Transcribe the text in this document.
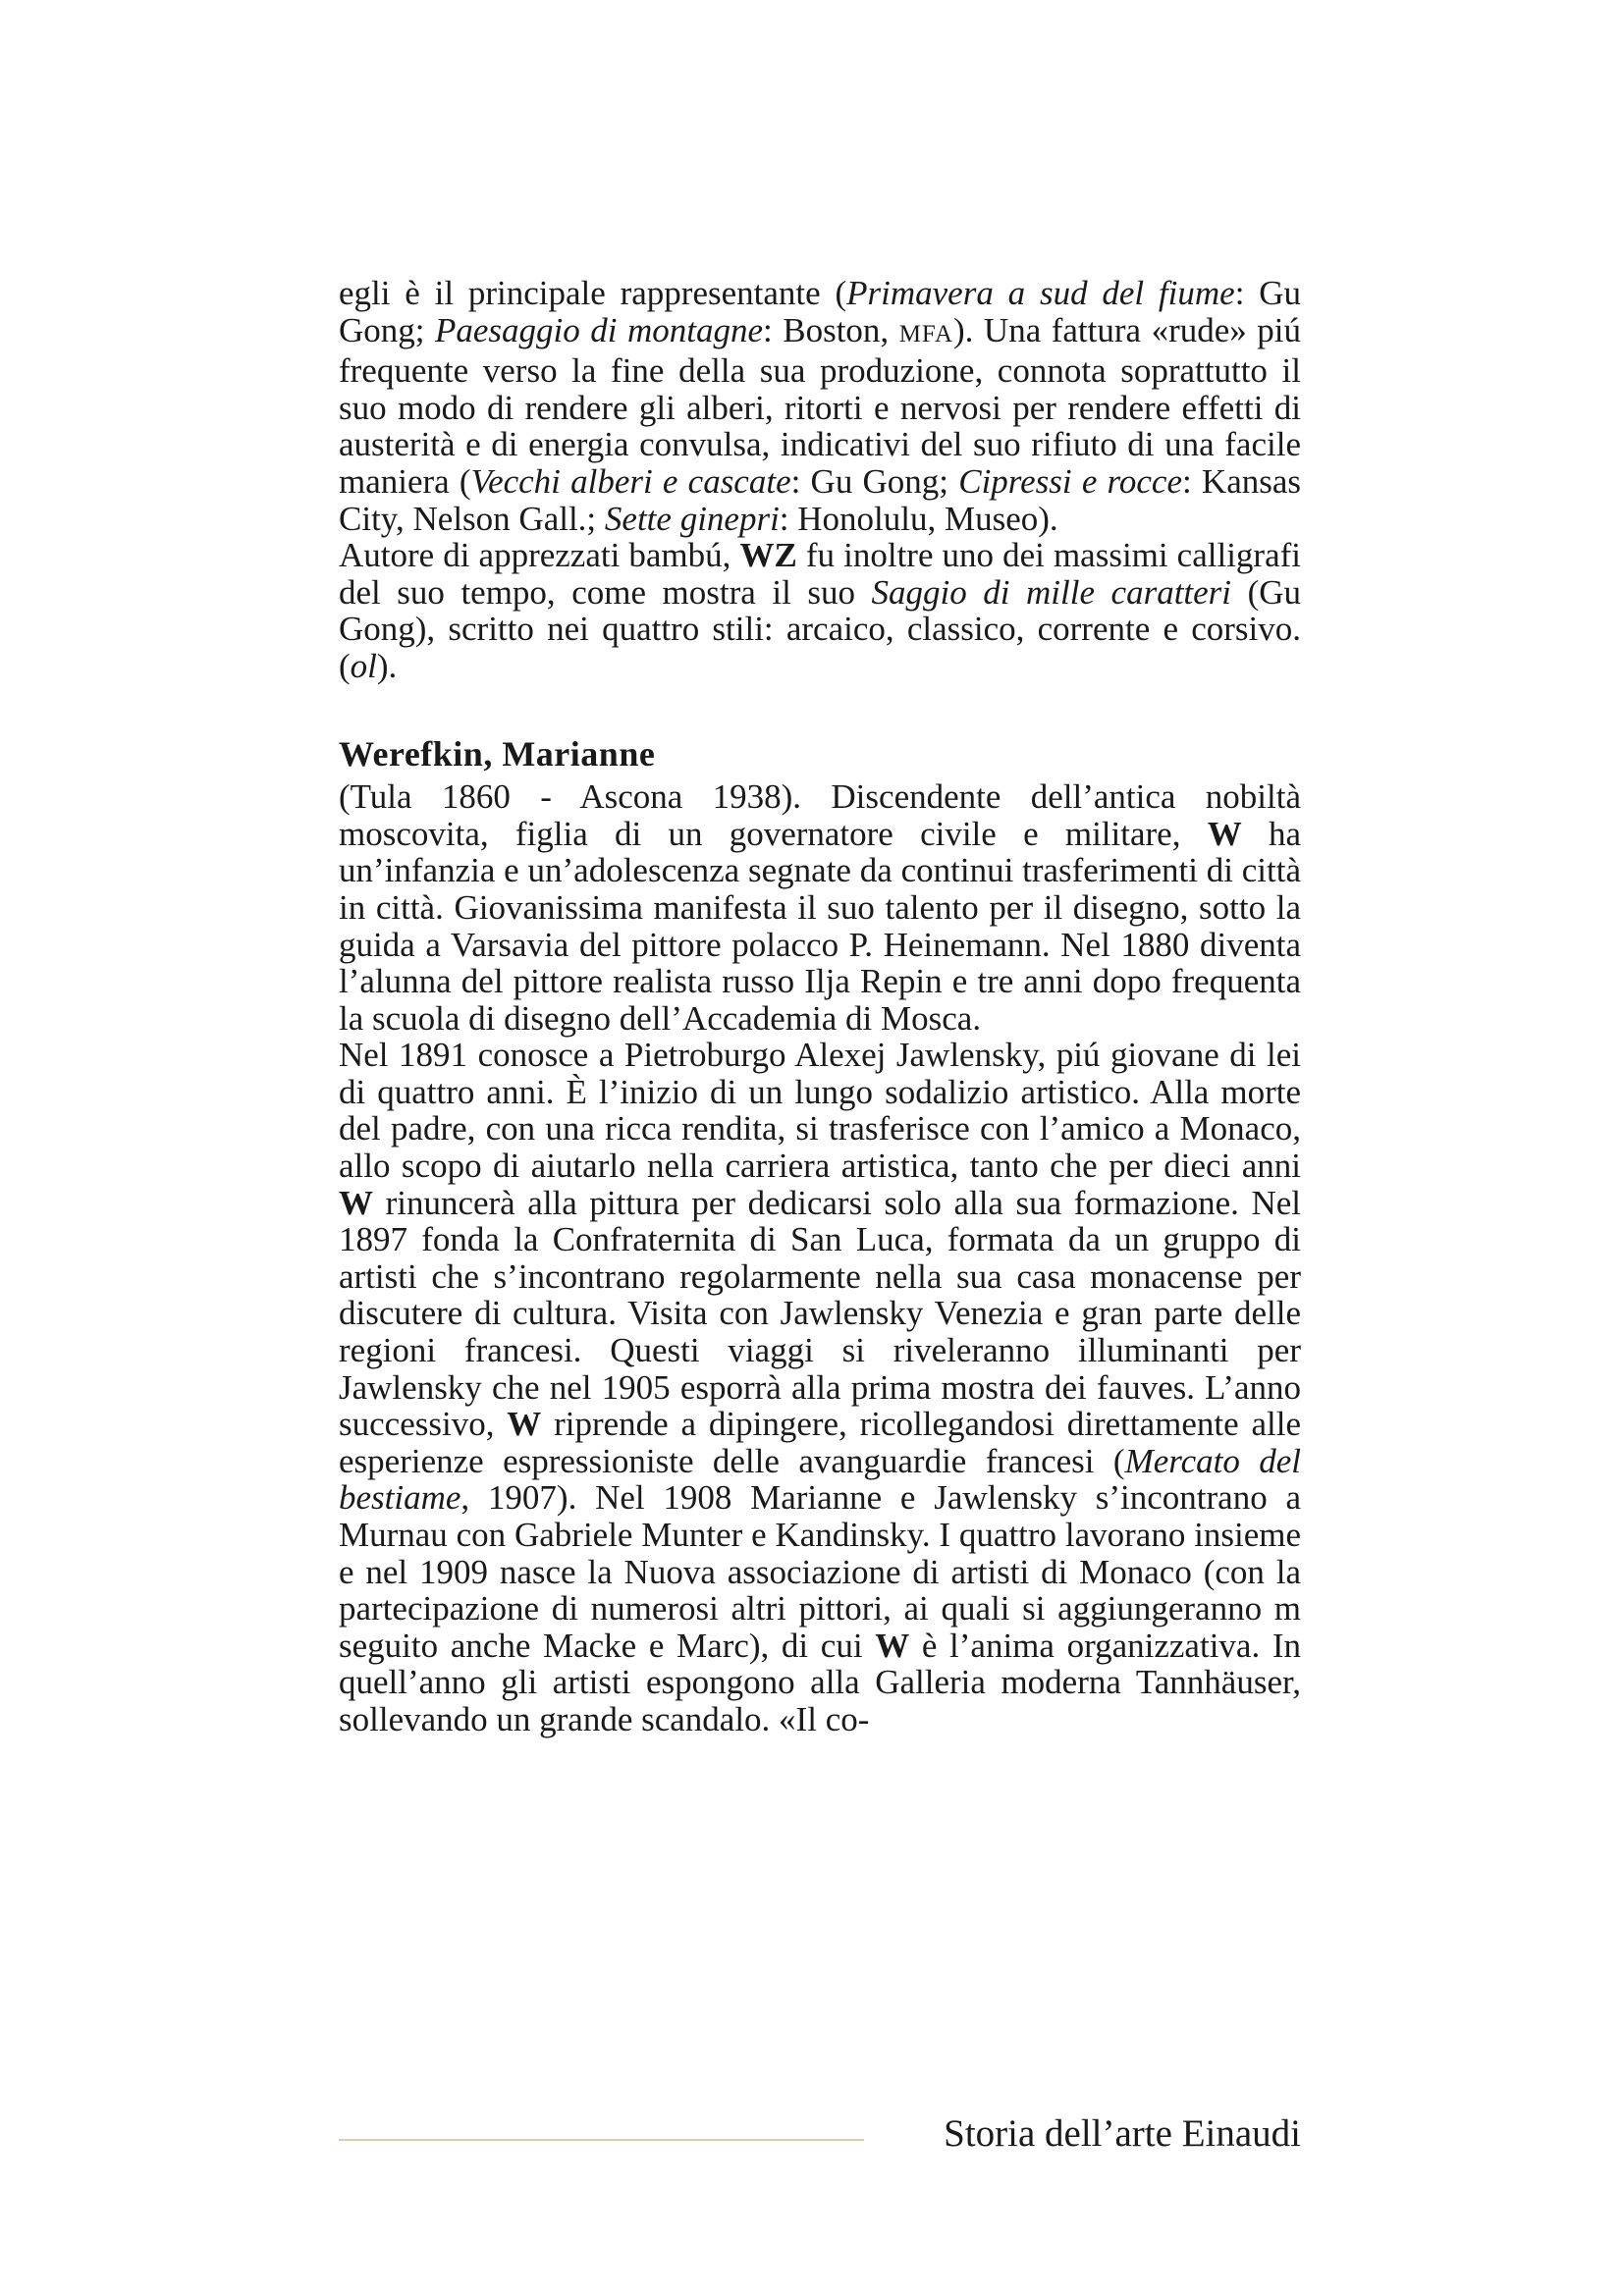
egli è il principale rappresentante (Primavera a sud del fiume: Gu Gong; Paesaggio di montagne: Boston, MFA). Una fattura «rude» piú frequente verso la fine della sua produzione, connota soprattutto il suo modo di rendere gli alberi, ritorti e nervosi per rendere effetti di austerità e di energia convulsa, indicativi del suo rifiuto di una facile maniera (Vecchi alberi e cascate: Gu Gong; Cipressi e rocce: Kansas City, Nelson Gall.; Sette ginepri: Honolulu, Museo).

Autore di apprezzati bambú, WZ fu inoltre uno dei massimi calligrafi del suo tempo, come mostra il suo Saggio di mille caratteri (Gu Gong), scritto nei quattro stili: arcaico, classico, corrente e corsivo. (ol).

Werefkin, Marianne

(Tula 1860 - Ascona 1938). Discendente dell’antica nobiltà moscovita, figlia di un governatore civile e militare, W ha un’infanzia e un’adolescenza segnate da continui trasferimenti di città in città. Giovanissima manifesta il suo talento per il disegno, sotto la guida a Varsavia del pittore polacco P. Heinemann. Nel 1880 diventa l’alunna del pittore realista russo Ilja Repin e tre anni dopo frequenta la scuola di disegno dell’Accademia di Mosca.

Nel 1891 conosce a Pietroburgo Alexej Jawlensky, piú giovane di lei di quattro anni. È l’inizio di un lungo sodalizio artistico. Alla morte del padre, con una ricca rendita, si trasferisce con l’amico a Monaco, allo scopo di aiutarlo nella carriera artistica, tanto che per dieci anni W rinuncerà alla pittura per dedicarsi solo alla sua formazione. Nel 1897 fonda la Confraternita di San Luca, formata da un gruppo di artisti che s’incontrano regolarmente nella sua casa monacense per discutere di cultura. Visita con Jawlensky Venezia e gran parte delle regioni francesi. Questi viaggi si riveleranno illuminanti per Jawlensky che nel 1905 esporrà alla prima mostra dei fauves. L’anno successivo, W riprende a dipingere, ricollegandosi direttamente alle esperienze espressioniste delle avanguardie francesi (Mercato del bestiame, 1907). Nel 1908 Marianne e Jawlensky s’incontrano a Murnau con Gabriele Munter e Kandinsky. I quattro lavorano insieme e nel 1909 nasce la Nuova associazione di artisti di Monaco (con la partecipazione di numerosi altri pittori, ai quali si aggiungeranno m seguito anche Macke e Marc), di cui W è l’anima organizzativa. In quell’anno gli artisti espongono alla Galleria moderna Tannhäuser, sollevando un grande scandalo. «Il co-

Storia dell’arte Einaudi
